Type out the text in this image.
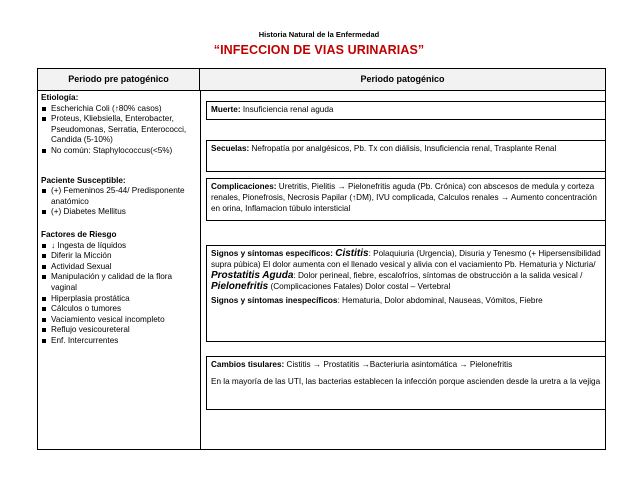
Historia Natural de la Enfermedad
“INFECCION DE VIAS URINARIAS”
Periodo pre patogénico	Periodo patogénico
Etiología:
Escherichia Coli (↑80% casos)
Proteus, Kliebsiella, Enterobacter, Pseudomonas, Serratia, Enterococci, Candida (5-10%)
No común: Staphylococcus(<5%)
Paciente Susceptible:
(+) Femeninos 25-44/ Predisponente anatómico
(+) Diabetes Mellitus
Factores de Riesgo
↓ Ingesta de líquidos
Diferir la Micción
Actividad Sexual
Manipulación y calidad de la flora vaginal
Hiperplasia prostática
Cálculos o tumores
Vaciamiento vesical incompleto
Reflujo vesicoureteral
Enf. Intercurrentes
Muerte: Insuficiencia renal aguda
Secuelas: Nefropatía por analgésicos, Pb. Tx con diálisis, Insuficiencia renal, Trasplante Renal
Complicaciones: Uretritis, Pielitis → Pielonefritis aguda (Pb. Crónica) con abscesos de medula y corteza renales, Pionefrosis, Necrosis Papilar (↑DM), IVU complicada, Calculos renales → Aumento concentración en orina, Inflamacion túbulo intersticial
Signos y síntomas específicos: Cistitis: Polaquiuria (Urgencia), Disuria y Tenesmo (+ Hipersensibilidad supra púbica) El dolor aumenta con el llenado vesical y alivia con el vaciamiento Pb. Hematuria y Nicturia/ Prostatitis Aguda: Dolor perineal, fiebre, escalofríos, síntomas de obstrucción a la salida vesical / Pielonefritis (Complicaciones Fatales) Dolor costal – Vertebral
Signos y síntomas inespecíficos: Hematuria, Dolor abdominal, Nauseas, Vómitos, Fiebre
Cambios tisulares: Cistitis → Prostatitis →Bacteriuria asintomática → Pielonefritis
En la mayoría de las UTI, las bacterias establecen la infección porque ascienden desde la uretra a la vejiga
